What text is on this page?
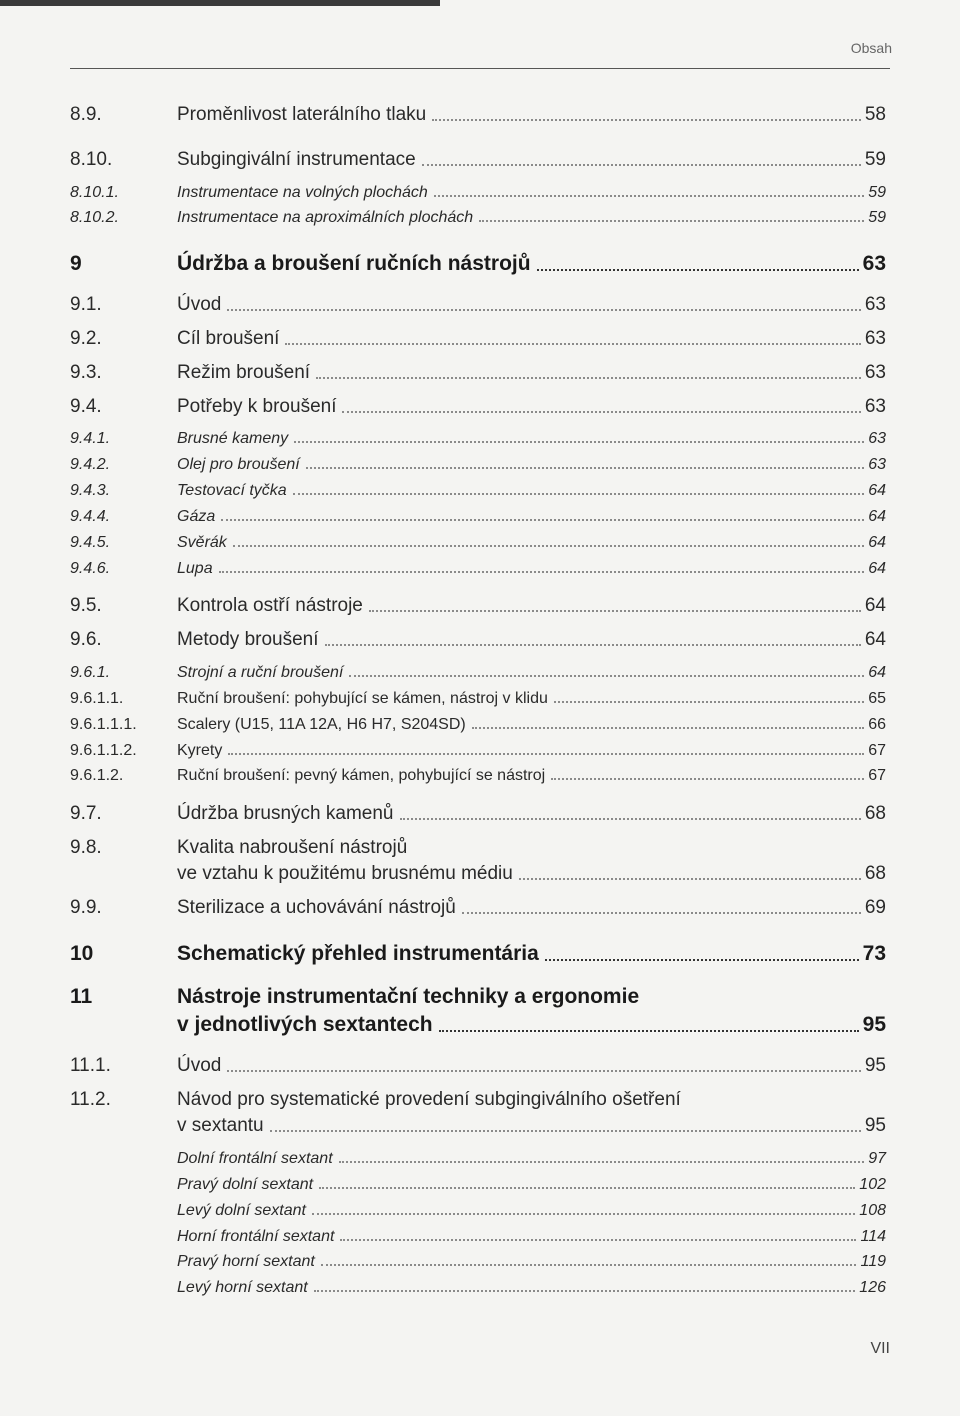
Obsah
8.9.	Proměnlivost laterálního tlaku	58
8.10.	Subgingivální instrumentace	59
8.10.1.	Instrumentace na volných plochách	59
8.10.2.	Instrumentace na aproximálních plochách	59
9	Údržba a broušení ručních nástrojů	63
9.1.	Úvod	63
9.2.	Cíl broušení	63
9.3.	Režim broušení	63
9.4.	Potřeby k broušení	63
9.4.1.	Brusné kameny	63
9.4.2.	Olej pro broušení	63
9.4.3.	Testovací tyčka	64
9.4.4.	Gáza	64
9.4.5.	Svěrák	64
9.4.6.	Lupa	64
9.5.	Kontrola ostří nástroje	64
9.6.	Metody broušení	64
9.6.1.	Strojní a ruční broušení	64
9.6.1.1.	Ruční broušení: pohybující se kámen, nástroj v klidu	65
9.6.1.1.1.	Scalery (U15, 11A 12A, H6 H7, S204SD)	66
9.6.1.1.2.	Kyrety	67
9.6.1.2.	Ruční broušení: pevný kámen, pohybující se nástroj	67
9.7.	Údržba brusných kamenů	68
9.8.	Kvalita nabroušení nástrojů
ve vztahu k použitému brusnému médiu	68
9.9.	Sterilizace a uchovávání nástrojů	69
10	Schematický přehled instrumentária	73
11	Nástroje instrumentační techniky a ergonomie
v jednotlivých sextantech	95
11.1.	Úvod	95
11.2.	Návod pro systematické provedení subgingiválního ošetření
v sextantu	95
Dolní frontální sextant	97
Pravý dolní sextant	102
Levý dolní sextant	108
Horní frontální sextant	114
Pravý horní sextant	119
Levý horní sextant	126
VII
